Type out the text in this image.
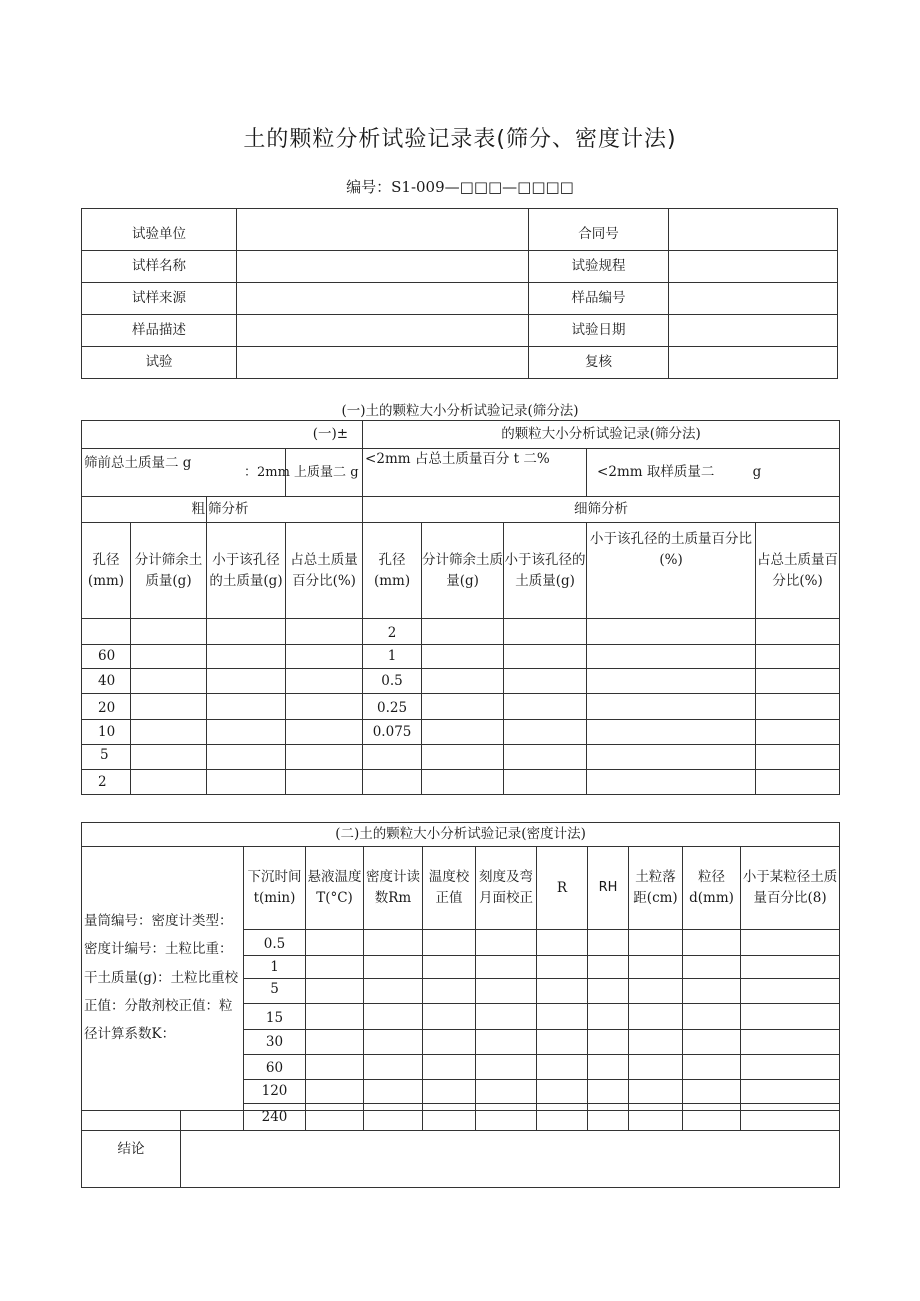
土的颗粒分析试验记录表(筛分、密度计法)
编号：S1-009—□□□—□□□□
试验单位		合同号	
试样名称		试验规程	
试样来源		样品编号	
样品描述		试验日期	
试验		复核	
(一)土的颗粒大小分析试验记录(筛分法)
(一)±				的颗粒大小分析试验记录(筛分法)				
筛前总土质量二 g			：2mm 上质量二 g	<2mm 占总土质量百分 t 二%			<2mm 取样质量二 g	
粗		筛分析		细筛分析				
孔径(mm)	分计筛余土质量(g)	小于该孔径的土质量(g)	占总土质量百分比(%)	孔径(mm)	分计筛余土质量(g)	小于该孔径的土质量(g)	小于该孔径的土质量百分比(%)	占总土质量百分比(%)
				2				
60				1				
40				0.5				
20				0.25				
10				0.075				
5								
2								
(二)土的颗粒大小分析试验记录(密度计法)										
量筒编号：密度计类型：密度计编号：土粒比重：干土质量(g)：土粒比重校正值：分散剂校正值：粒径计算系数K：	下沉时间t(min)	悬液温度T(°C)	密度计读数Rm	温度校正值	刻度及弯月面校正	R	RH	土粒落距(cm)	粒径d(mm)	小于某粒径土质量百分比(8)
	0.5									
	1									
	5									
	15									
	30									
	60									
	120									
	240									
结论	
